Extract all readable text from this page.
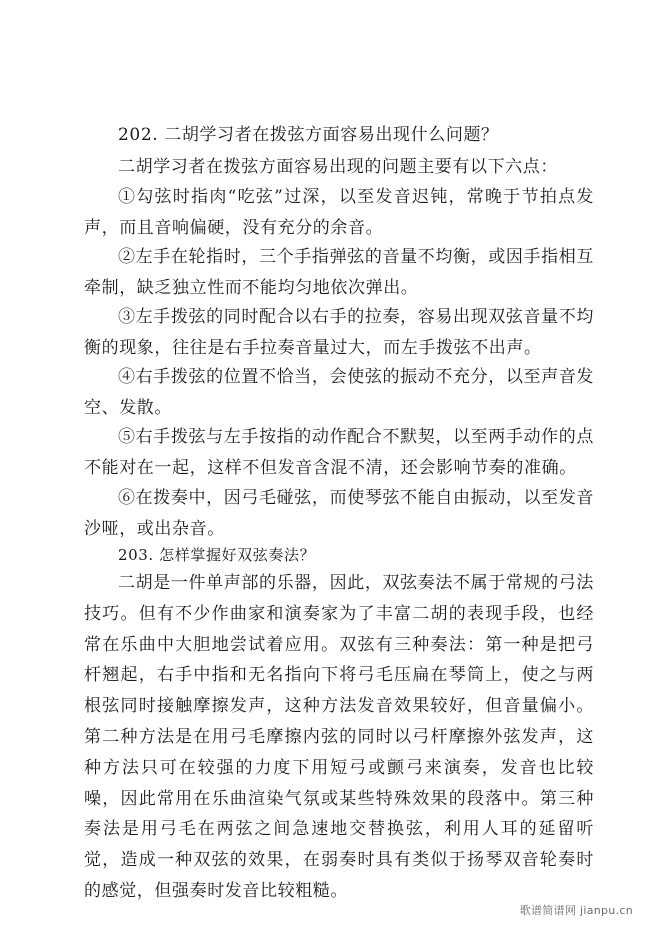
202. 二胡学习者在拨弦方面容易出现什么问题？

二胡学习者在拨弦方面容易出现的问题主要有以下六点：

①勾弦时指肉“吃弦”过深，以至发音迟钝，常晚于节拍点发声，而且音响偏硬，没有充分的余音。

②左手在轮指时，三个手指弹弦的音量不均衡，或因手指相互牵制，缺乏独立性而不能均匀地依次弹出。

③左手拨弦的同时配合以右手的拉奏，容易出现双弦音量不均衡的现象，往往是右手拉奏音量过大，而左手拨弦不出声。

④右手拨弦的位置不恰当，会使弦的振动不充分，以至声音发空、发散。

⑤右手拨弦与左手按指的动作配合不默契，以至两手动作的点不能对在一起，这样不但发音含混不清，还会影响节奏的准确。

⑥在拨奏中，因弓毛碰弦，而使琴弦不能自由振动，以至发音沙哑，或出杂音。

203. 怎样掌握好双弦奏法？

二胡是一件单声部的乐器，因此，双弦奏法不属于常规的弓法技巧。但有不少作曲家和演奏家为了丰富二胡的表现手段，也经常在乐曲中大胆地尝试着应用。双弦有三种奏法：第一种是把弓杆翘起，右手中指和无名指向下将弓毛压扁在琴筒上，使之与两根弦同时接触摩擦发声，这种方法发音效果较好，但音量偏小。第二种方法是在用弓毛摩擦内弦的同时以弓杆摩擦外弦发声，这种方法只可在较强的力度下用短弓或颤弓来演奏，发音也比较噪，因此常用在乐曲渲染气氛或某些特殊效果的段落中。第三种奏法是用弓毛在两弦之间急速地交替换弦，利用人耳的延留听觉，造成一种双弦的效果，在弱奏时具有类似于扬琴双音轮奏时的感觉，但强奏时发音比较粗糙。

歌谱简谱网 jianpu.cn
